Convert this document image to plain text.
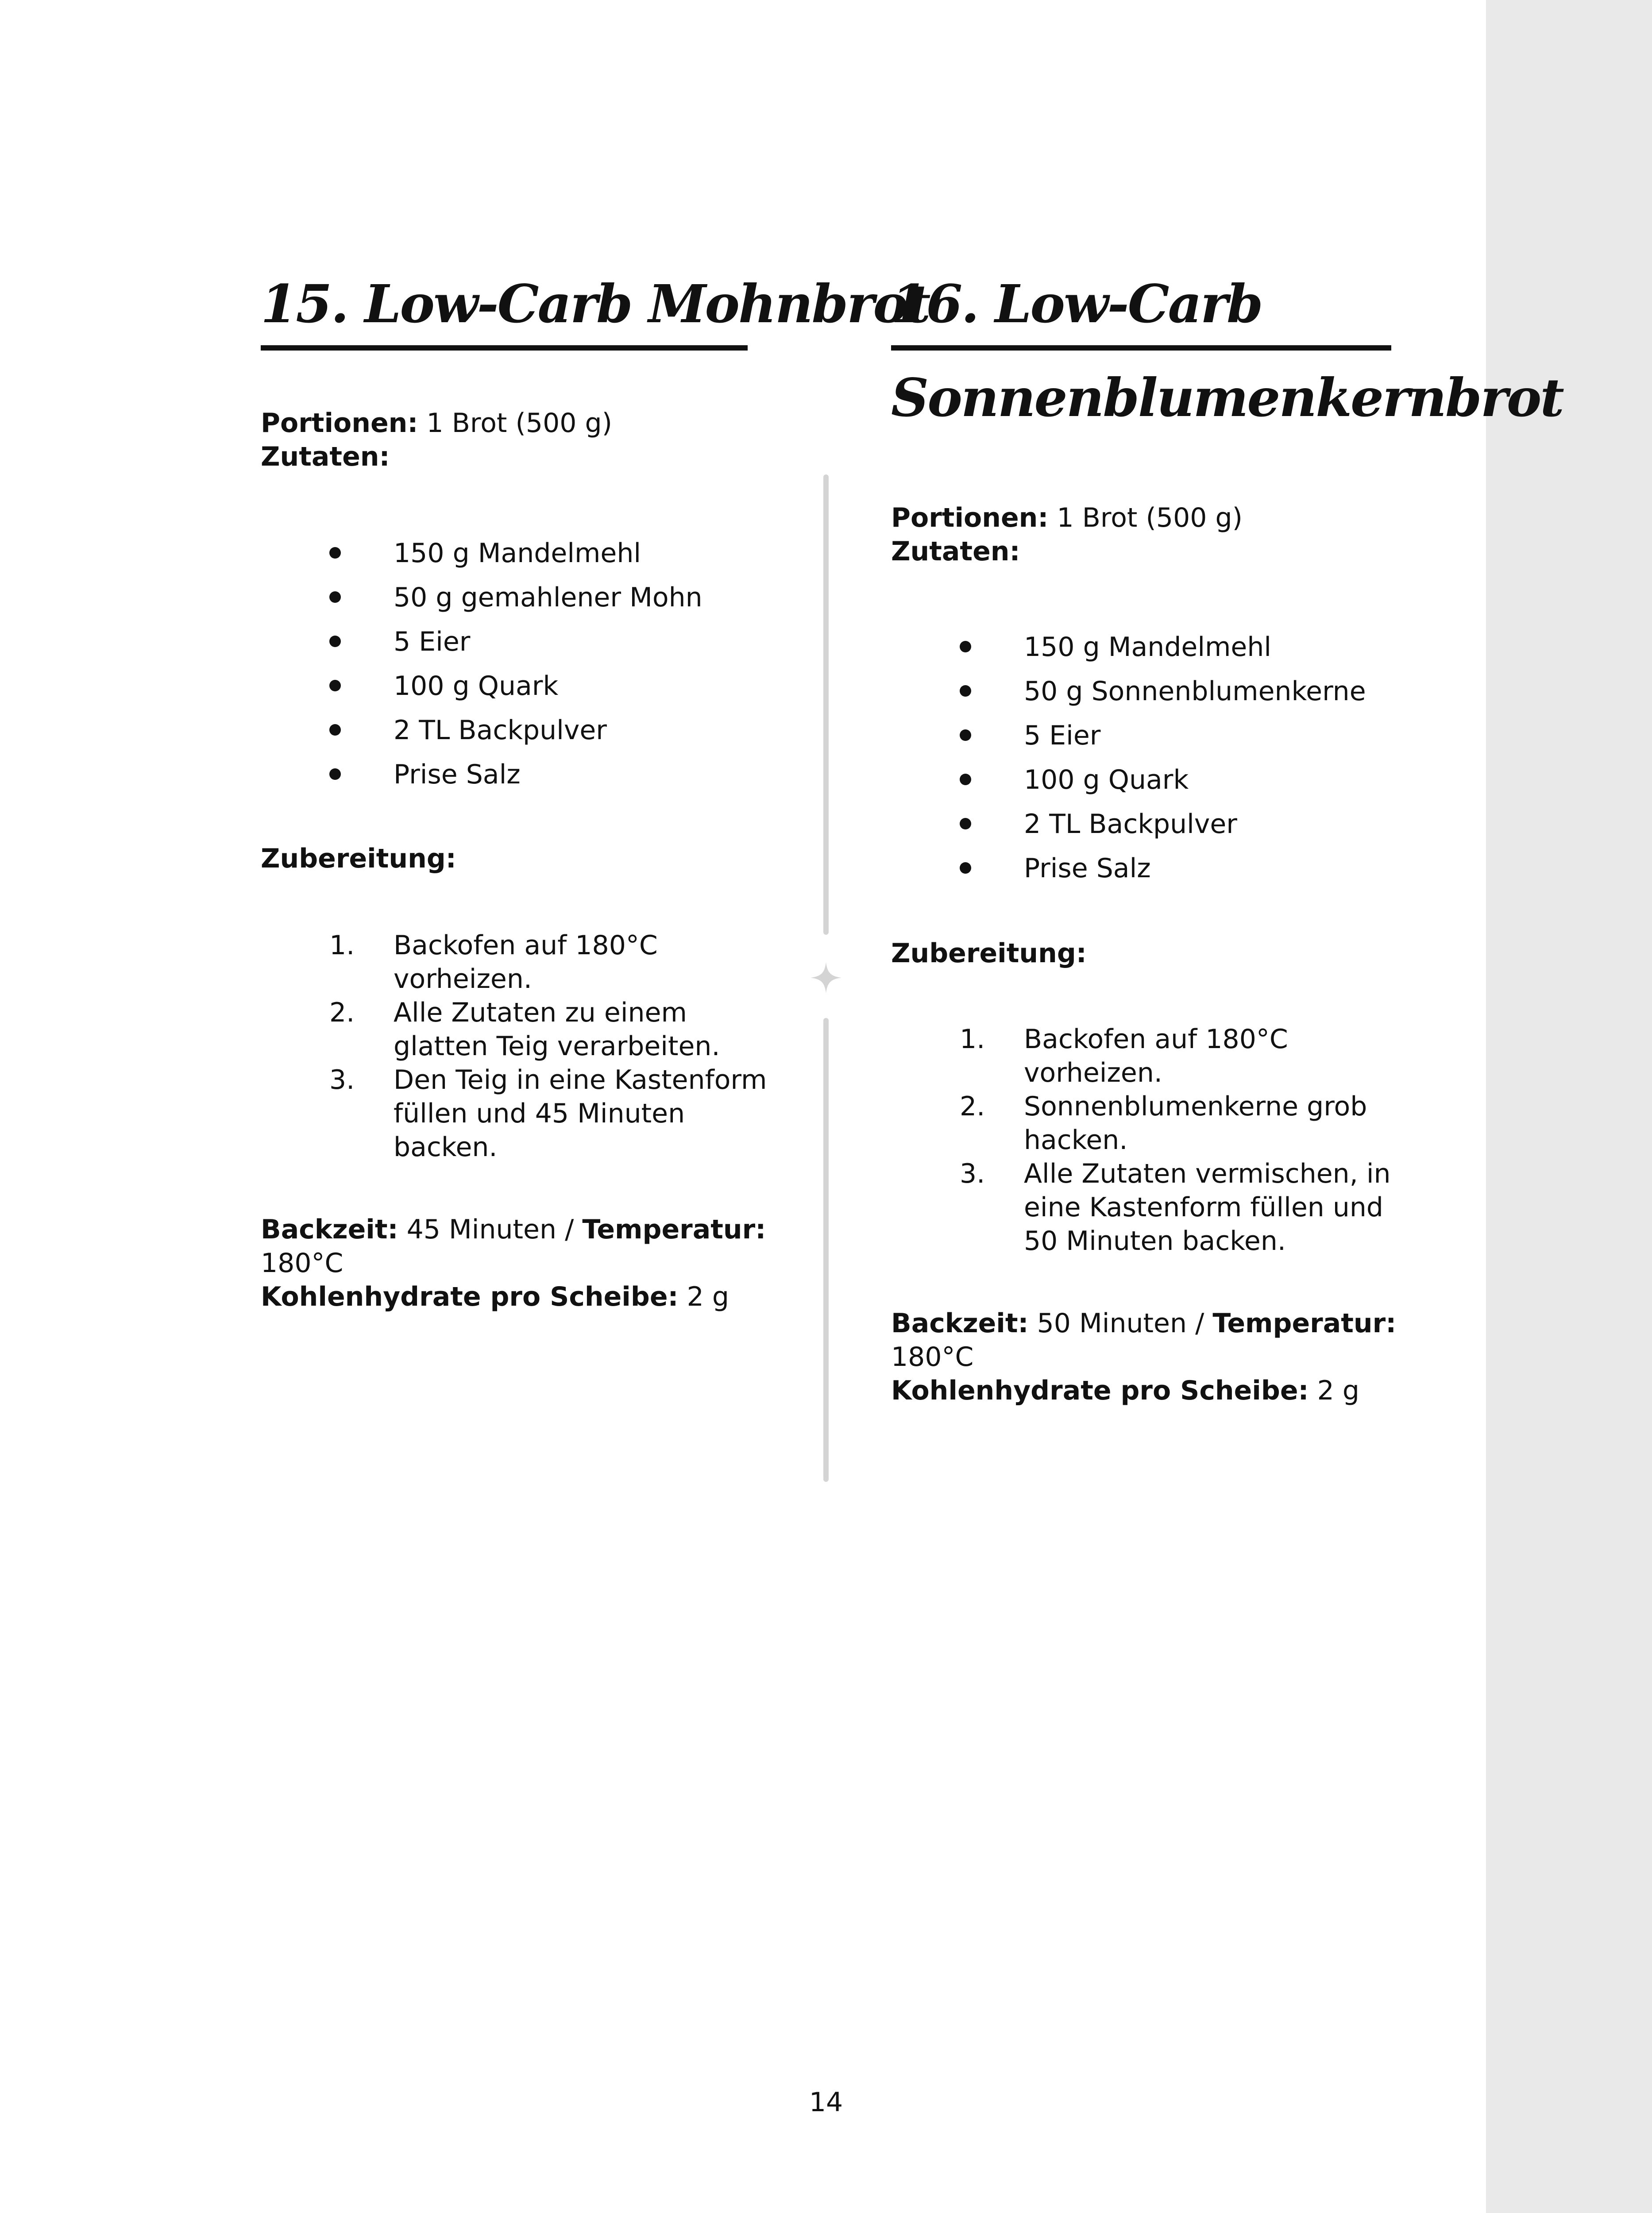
15. Low-Carb Mohnbrot
Portionen: 1 Brot (500 g)
Zutaten:
150 g Mandelmehl
50 g gemahlener Mohn
5 Eier
100 g Quark
2 TL Backpulver
Prise Salz
Zubereitung:
1. Backofen auf 180°C vorheizen.
2. Alle Zutaten zu einem glatten Teig verarbeiten.
3. Den Teig in eine Kastenform füllen und 45 Minuten backen.
Backzeit: 45 Minuten / Temperatur:
180°C
Kohlenhydrate pro Scheibe: 2 g
16. Low-Carb
Sonnenblumenkernbrot
Portionen: 1 Brot (500 g)
Zutaten:
150 g Mandelmehl
50 g Sonnenblumenkerne
5 Eier
100 g Quark
2 TL Backpulver
Prise Salz
Zubereitung:
1. Backofen auf 180°C vorheizen.
2. Sonnenblumenkerne grob hacken.
3. Alle Zutaten vermischen, in eine Kastenform füllen und 50 Minuten backen.
Backzeit: 50 Minuten / Temperatur:
180°C
Kohlenhydrate pro Scheibe: 2 g
14
